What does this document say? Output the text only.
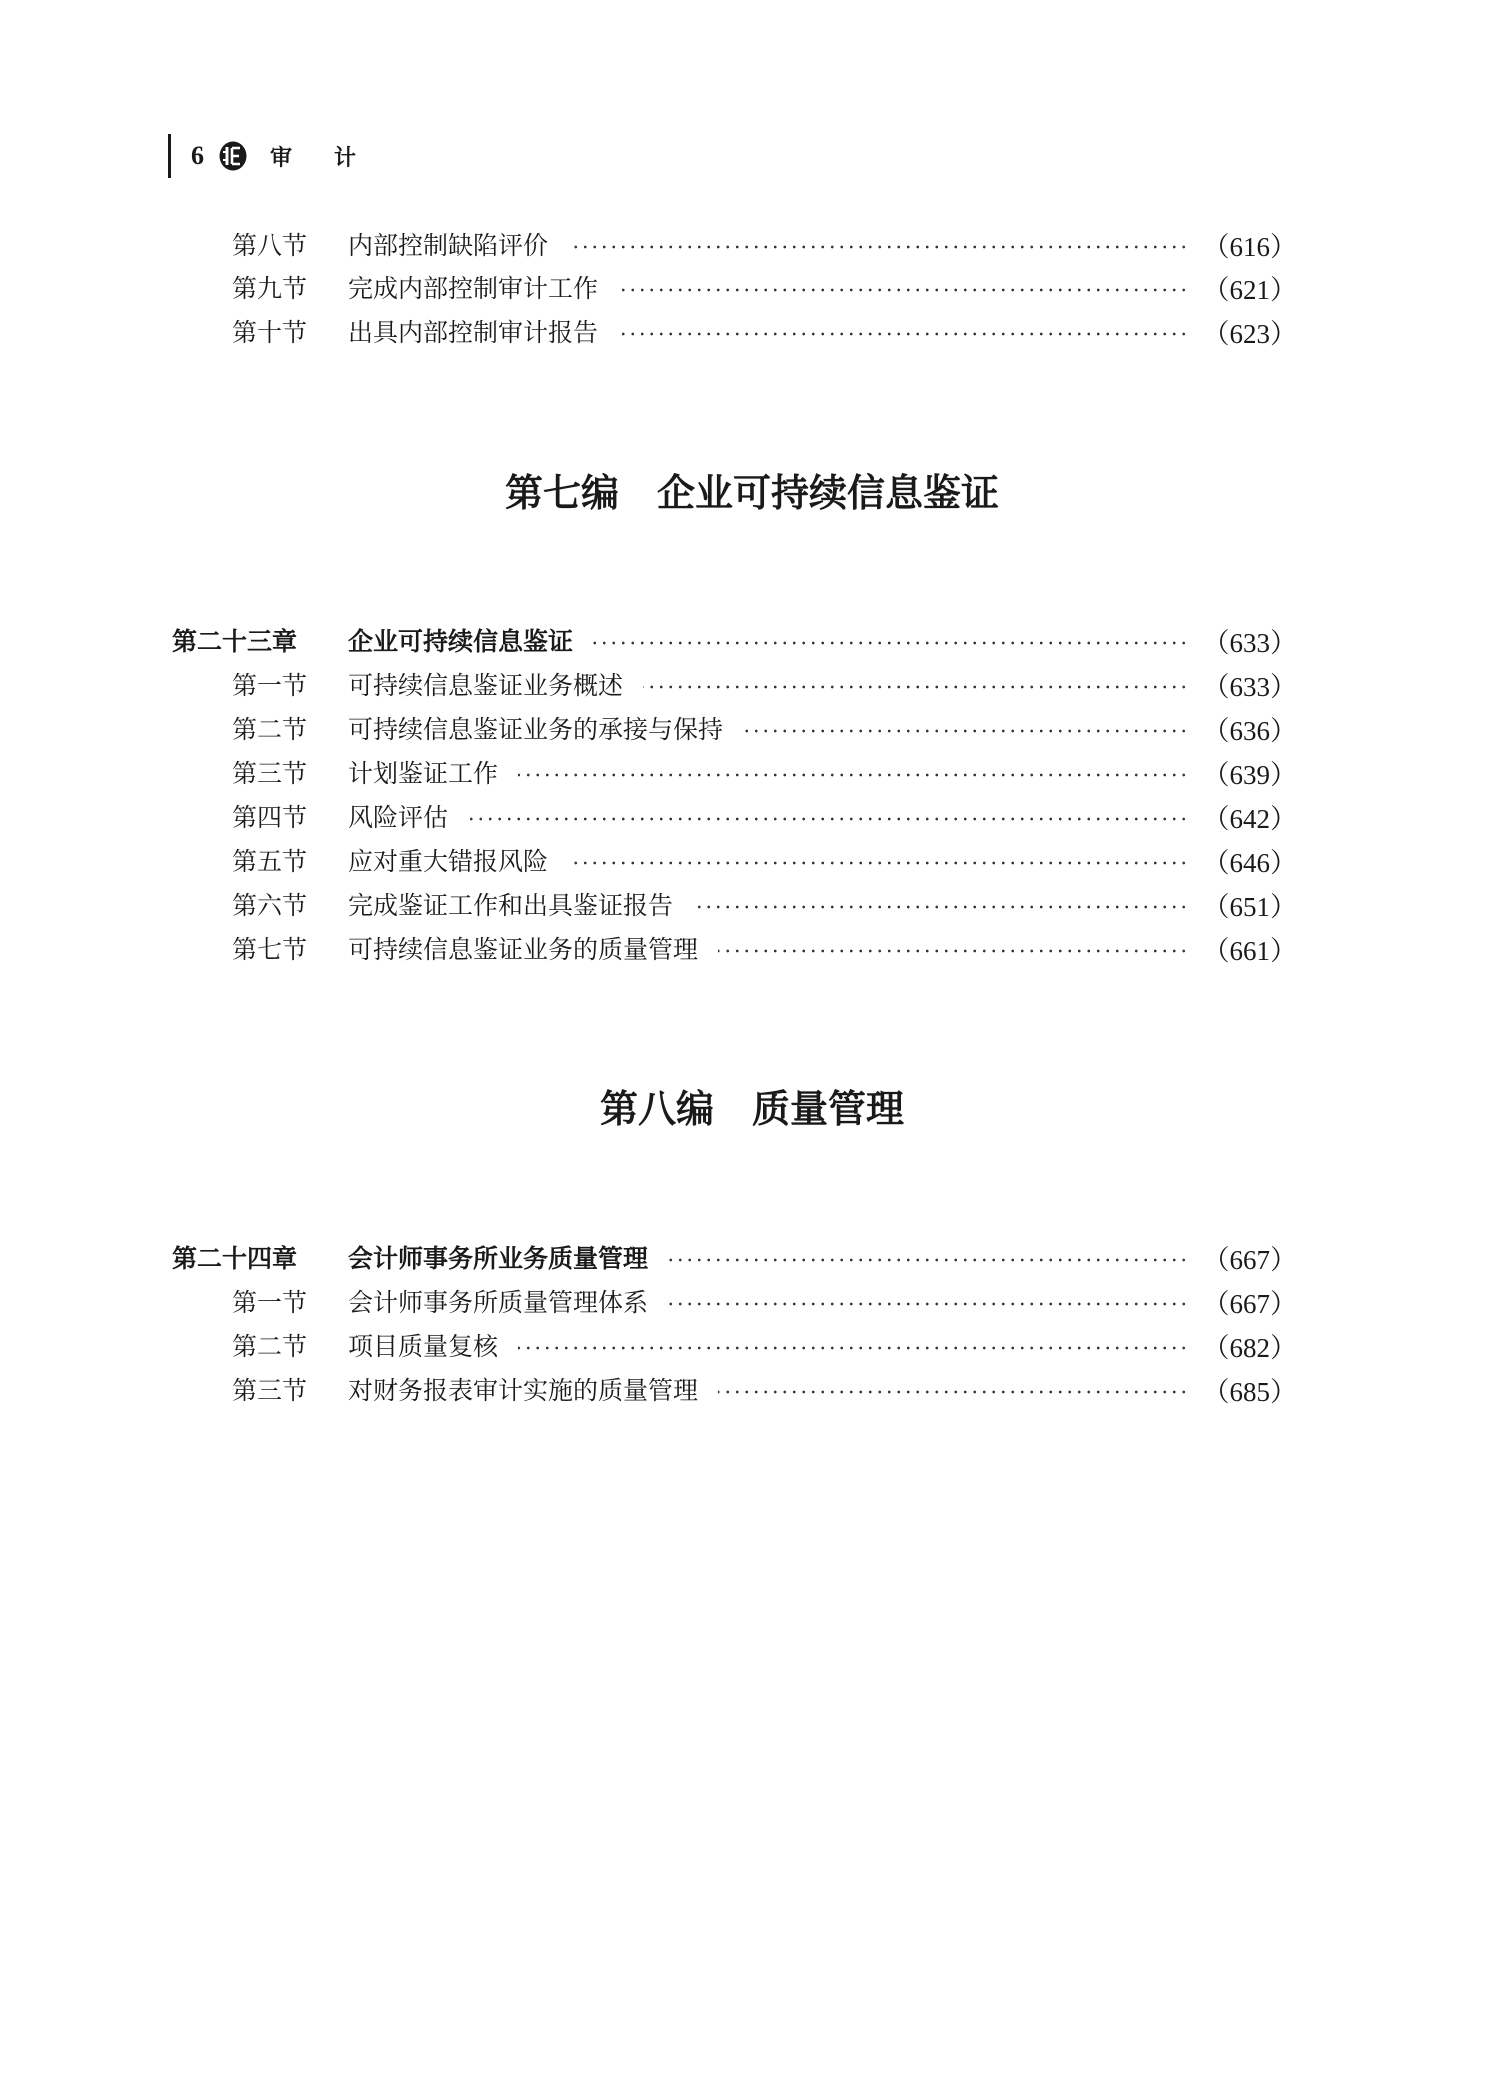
6	审计
第八节	内部控制缺陷评价	（616）
第九节	完成内部控制审计工作	（621）
第十节	出具内部控制审计报告	（623）
第七编 企业可持续信息鉴证
第二十三章	企业可持续信息鉴证	（633）
第一节	可持续信息鉴证业务概述	（633）
第二节	可持续信息鉴证业务的承接与保持	（636）
第三节	计划鉴证工作	（639）
第四节	风险评估	（642）
第五节	应对重大错报风险	（646）
第六节	完成鉴证工作和出具鉴证报告	（651）
第七节	可持续信息鉴证业务的质量管理	（661）
第八编 质量管理
第二十四章	会计师事务所业务质量管理	（667）
第一节	会计师事务所质量管理体系	（667）
第二节	项目质量复核	（682）
第三节	对财务报表审计实施的质量管理	（685）
